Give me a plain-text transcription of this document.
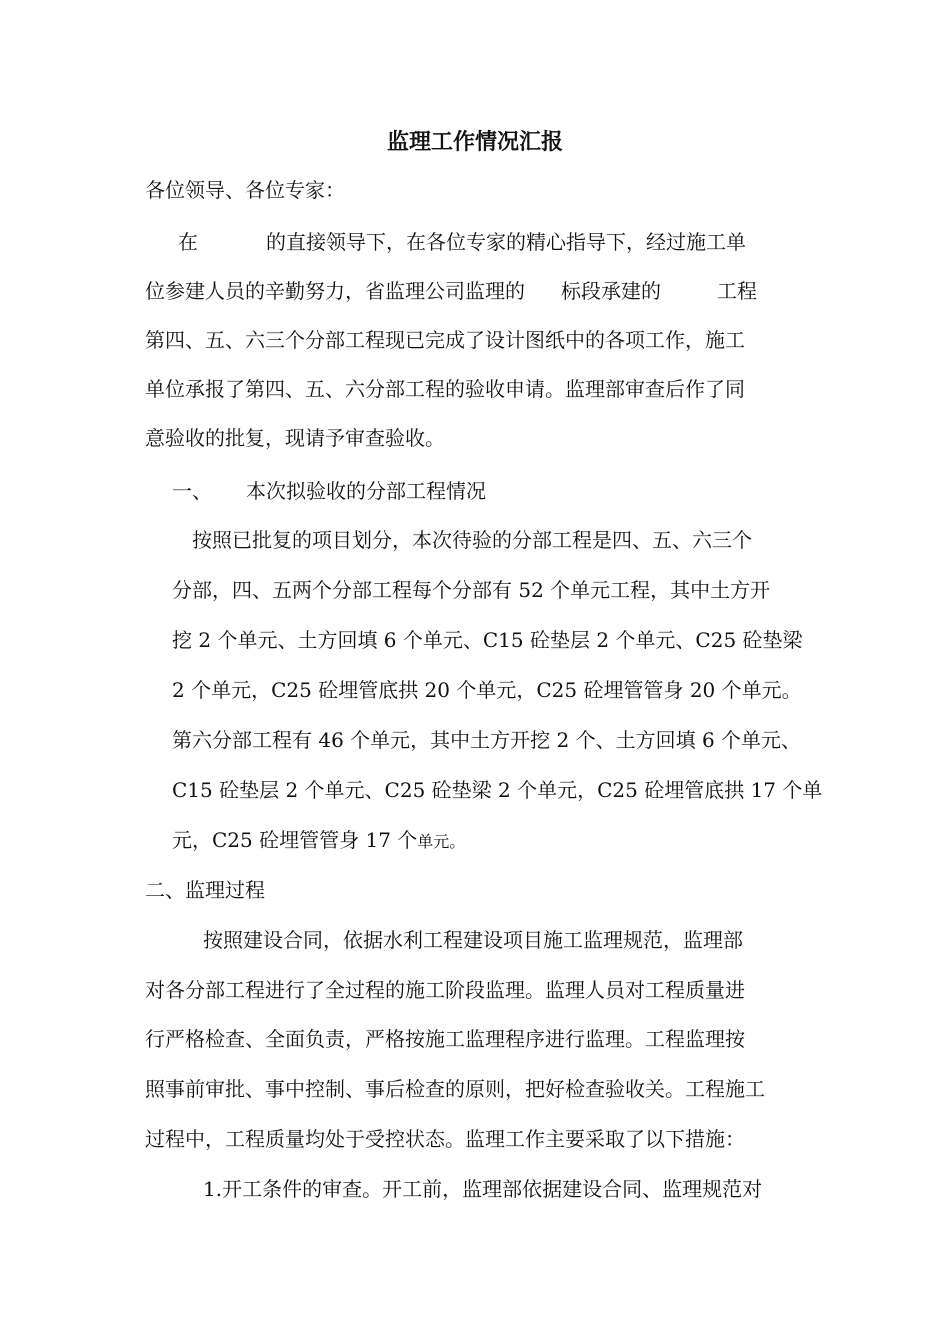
监理工作情况汇报
各位领导、各位专家：
在	的直接领导下，在各位专家的精心指导下，经过施工单
位参建人员的辛勤努力，省监理公司监理的 标段承建的	工程
第四、五、六三个分部工程现已完成了设计图纸中的各项工作，施工
单位承报了第四、五、六分部工程的验收申请。监理部审查后作了同
意验收的批复，现请予审查验收。
一、 本次拟验收的分部工程情况
按照已批复的项目划分，本次待验的分部工程是四、五、六三个
分部，四、五两个分部工程每个分部有 52 个单元工程，其中土方开
挖 2 个单元、土方回填 6 个单元、C15 砼垫层 2 个单元、C25 砼垫梁
2 个单元，C25 砼埋管底拱 20 个单元，C25 砼埋管管身 20 个单元。
第六分部工程有 46 个单元，其中土方开挖 2 个、土方回填 6 个单元、
C15 砼垫层 2 个单元、C25 砼垫梁 2 个单元，C25 砼埋管底拱 17 个单
元，C25 砼埋管管身 17 个单元。
二、监理过程
按照建设合同，依据水利工程建设项目施工监理规范，监理部
对各分部工程进行了全过程的施工阶段监理。监理人员对工程质量进
行严格检查、全面负责，严格按施工监理程序进行监理。工程监理按
照事前审批、事中控制、事后检查的原则，把好检查验收关。工程施工
过程中，工程质量均处于受控状态。监理工作主要采取了以下措施：
1.开工条件的审查。开工前，监理部依据建设合同、监理规范对
